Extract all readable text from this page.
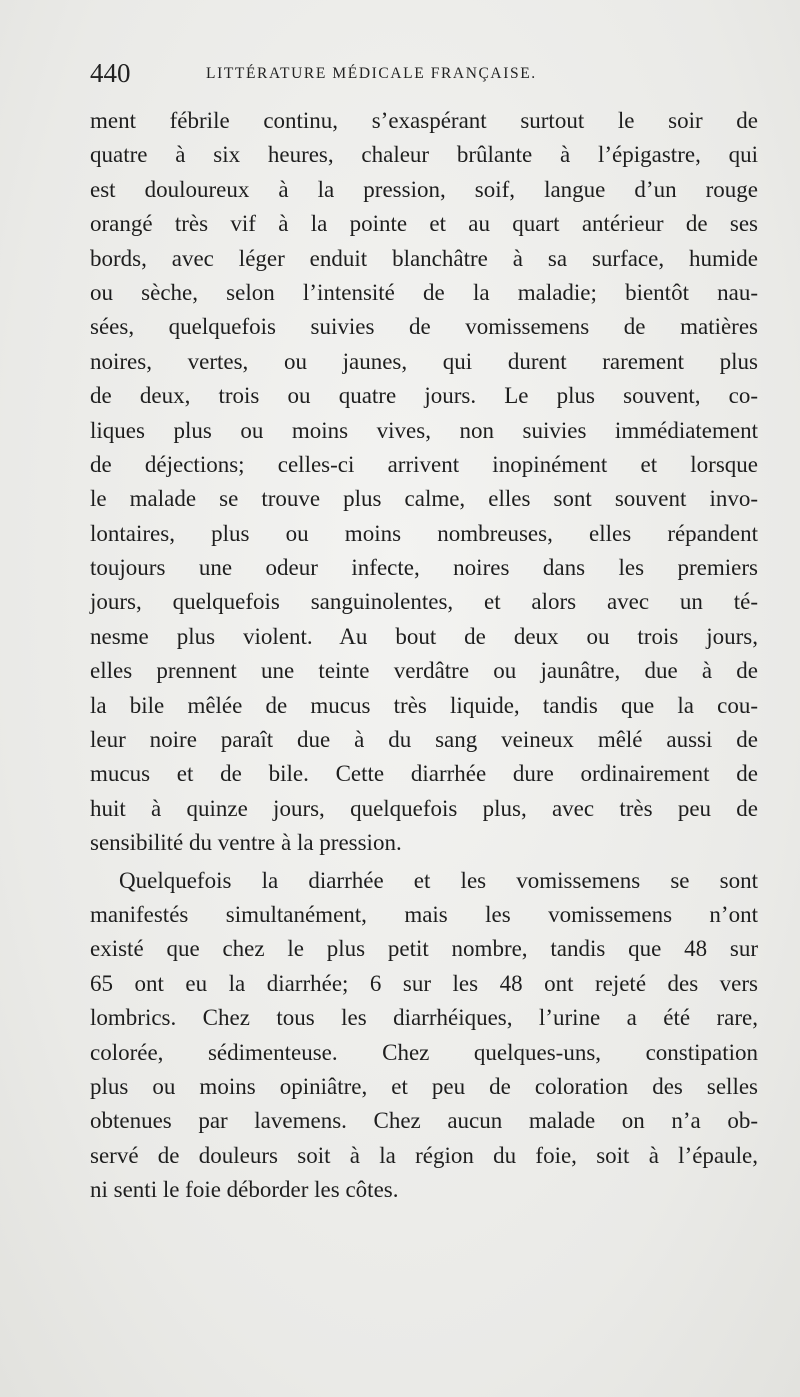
440	LITTÉRATURE MÉDICALE FRANÇAISE.
ment fébrile continu, s’exaspérant surtout le soir de
quatre à six heures, chaleur brûlante à l’épigastre, qui
est douloureux à la pression, soif, langue d’un rouge
orangé très vif à la pointe et au quart antérieur de ses
bords, avec léger enduit blanchâtre à sa surface, humide
ou sèche, selon l’intensité de la maladie; bientôt nau-
sées, quelquefois suivies de vomissemens de matières
noires, vertes, ou jaunes, qui durent rarement plus
de deux, trois ou quatre jours. Le plus souvent, co-
liques plus ou moins vives, non suivies immédiatement
de déjections; celles-ci arrivent inopinément et lorsque
le malade se trouve plus calme, elles sont souvent invo-
lontaires, plus ou moins nombreuses, elles répandent
toujours une odeur infecte, noires dans les premiers
jours, quelquefois sanguinolentes, et alors avec un té-
nesme plus violent. Au bout de deux ou trois jours,
elles prennent une teinte verdâtre ou jaunâtre, due à de
la bile mêlée de mucus très liquide, tandis que la cou-
leur noire paraît due à du sang veineux mêlé aussi de
mucus et de bile. Cette diarrhée dure ordinairement de
huit à quinze jours, quelquefois plus, avec très peu de
sensibilité du ventre à la pression.
Quelquefois la diarrhée et les vomissemens se sont
manifestés simultanément, mais les vomissemens n’ont
existé que chez le plus petit nombre, tandis que 48 sur
65 ont eu la diarrhée; 6 sur les 48 ont rejeté des vers
lombrics. Chez tous les diarrhéiques, l’urine a été rare,
colorée, sédimenteuse. Chez quelques-uns, constipation
plus ou moins opiniâtre, et peu de coloration des selles
obtenues par lavemens. Chez aucun malade on n’a ob-
servé de douleurs soit à la région du foie, soit à l’épaule,
ni senti le foie déborder les côtes.
